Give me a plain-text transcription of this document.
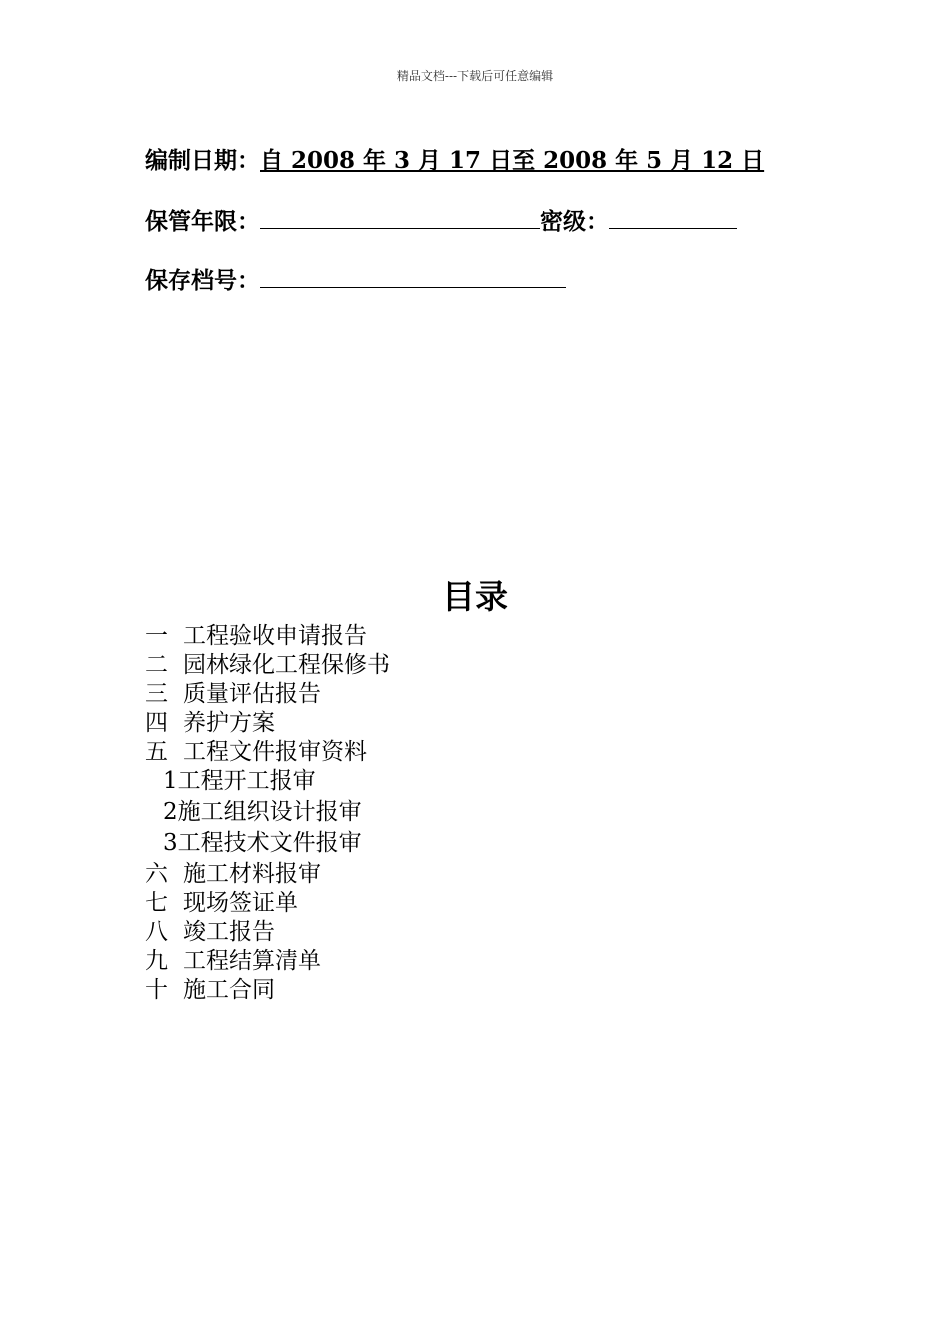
精品文档---下载后可任意编辑
编制日期：自 2008 年 3 月 17 日至 2008 年 5 月 12 日
保管年限：	密级：
保存档号：
目录
一 工程验收申请报告
二 园林绿化工程保修书
三 质量评估报告
四 养护方案
五 工程文件报审资料
1工程开工报审
2施工组织设计报审
3工程技术文件报审
六 施工材料报审
七 现场签证单
八 竣工报告
九 工程结算清单
十 施工合同
